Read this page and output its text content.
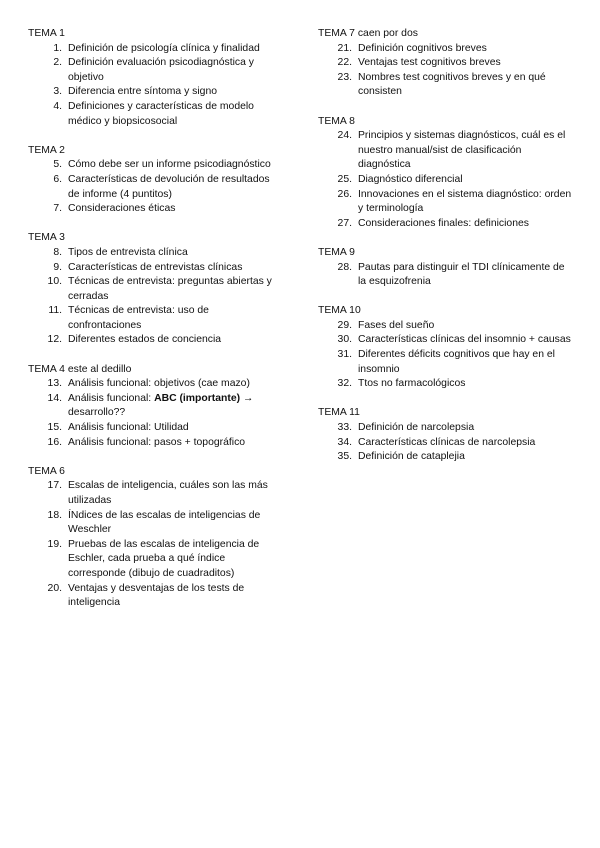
TEMA 1
1. Definición de psicología clínica y finalidad
2. Definición evaluación psicodiagnóstica y objetivo
3. Diferencia entre síntoma y signo
4. Definiciones y características de modelo médico y biopsicosocial
TEMA 2
5. Cómo debe ser un informe psicodiagnóstico
6. Características de devolución de resultados de informe (4 puntitos)
7. Consideraciones éticas
TEMA 3
8. Tipos de entrevista clínica
9. Características de entrevistas clínicas
10. Técnicas de entrevista: preguntas abiertas y cerradas
11. Técnicas de entrevista: uso de confrontaciones
12. Diferentes estados de conciencia
TEMA 4 este al dedillo
13. Análisis funcional: objetivos (cae mazo)
14. Análisis funcional: ABC (importante) → desarrollo??
15. Análisis funcional: Utilidad
16. Análisis funcional: pasos + topográfico
TEMA 6
17. Escalas de inteligencia, cuáles son las más utilizadas
18. ÍNdices de las escalas de inteligencias de Weschler
19. Pruebas de las escalas de inteligencia de Eschler, cada prueba a qué índice corresponde (dibujo de cuadraditos)
20. Ventajas y desventajas de los tests de inteligencia
TEMA 7 caen por dos
21. Definición cognitivos breves
22. Ventajas test cognitivos breves
23. Nombres test cognitivos breves y en qué consisten
TEMA 8
24. Principios y sistemas diagnósticos, cuál es el nuestro manual/sist de clasificación diagnóstica
25. Diagnóstico diferencial
26. Innovaciones en el sistema diagnóstico: orden y terminología
27. Consideraciones finales: definiciones
TEMA 9
28. Pautas para distinguir el TDI clínicamente de la esquizofrenia
TEMA 10
29. Fases del sueño
30. Características clínicas del insomnio + causas
31. Diferentes déficits cognitivos que hay en el insomnio
32. Ttos no farmacológicos
TEMA 11
33. Definición de narcolepsia
34. Características clínicas de narcolepsia
35. Definición de cataplejia
